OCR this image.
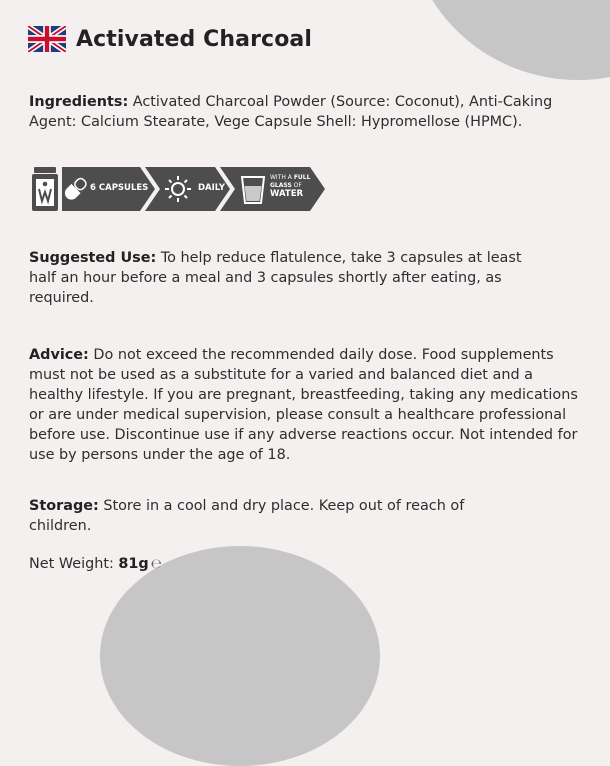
Activated Charcoal
Ingredients: Activated Charcoal Powder (Source: Coconut), Anti-Caking Agent: Calcium Stearate, Vege Capsule Shell: Hypromellose (HPMC).
6 CAPSULES	DAILY
WITH A FULL
GLASS OF
WATER
Suggested Use: To help reduce flatulence, take 3 capsules at least half an hour before a meal and 3 capsules shortly after eating, as required.
Advice: Do not exceed the recommended daily dose. Food supplements must not be used as a substitute for a varied and balanced diet and a healthy lifestyle. If you are pregnant, breastfeeding, taking any medications or are under medical supervision, please consult a healthcare professional before use. Discontinue use if any adverse reactions occur. Not intended for use by persons under the age of 18.
Storage: Store in a cool and dry place. Keep out of reach of children.
Net Weight: 81g ℮
